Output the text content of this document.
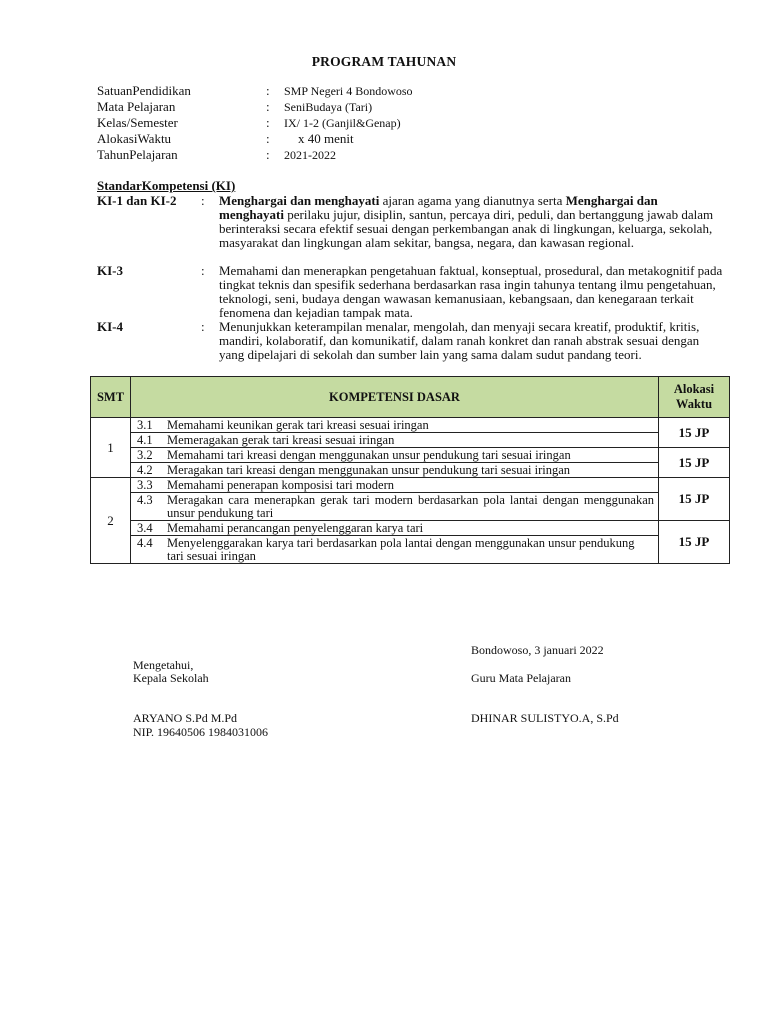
PROGRAM TAHUNAN
SatuanPendidikan	: SMP Negeri 4 Bondowoso
Mata Pelajaran	: SeniBudaya (Tari)
Kelas/Semester	: IX/ 1-2 (Ganjil&Genap)
AlokasiWaktu	: x 40 menit
TahunPelajaran	: 2021-2022
StandarKompetensi (KI)
KI-1 dan KI-2 : Menghargai dan menghayati ajaran agama yang dianutnya serta Menghargai dan menghayati perilaku jujur, disiplin, santun, percaya diri, peduli, dan bertanggung jawab dalam berinteraksi secara efektif sesuai dengan perkembangan anak di lingkungan, keluarga, sekolah, masyarakat dan lingkungan alam sekitar, bangsa, negara, dan kawasan regional.
KI-3	: Memahami dan menerapkan pengetahuan faktual, konseptual, prosedural, dan metakognitif pada tingkat teknis dan spesifik sederhana berdasarkan rasa ingin tahunya tentang ilmu pengetahuan, teknologi, seni, budaya dengan wawasan kemanusiaan, kebangsaan, dan kenegaraan terkait fenomena dan kejadian tampak mata.
KI-4	: Menunjukkan keterampilan menalar, mengolah, dan menyaji secara kreatif, produktif, kritis, mandiri, kolaboratif, dan komunikatif, dalam ranah konkret dan ranah abstrak sesuai dengan yang dipelajari di sekolah dan sumber lain yang sama dalam sudut pandang teori.
SMT	KOMPETENSI DASAR	Alokasi Waktu
1	3.1 Memahami keunikan gerak tari kreasi sesuai iringan	15 JP

	4.1 Memeragakan gerak tari kreasi sesuai iringan	

	3.2 Memahami tari kreasi dengan menggunakan unsur pendukung tari sesuai iringan	15 JP

	4.2 Meragakan tari kreasi dengan menggunakan unsur pendukung tari sesuai iringan	

2	3.3 Memahami penerapan komposisi tari modern	15 JP

	4.3 Meragakan cara menerapkan gerak tari modern berdasarkan pola lantai dengan menggunakan unsur pendukung tari	

	3.4 Memahami perancangan penyelenggaran karya tari	15 JP

	4.4 Menyelenggarakan karya tari berdasarkan pola lantai dengan menggunakan unsur pendukung tari sesuai iringan	
Bondowoso, 3 januari 2022
Mengetahui,
Kepala Sekolah	Guru Mata Pelajaran
ARYANO S.Pd M.Pd
NIP. 19640506 1984031006
DHINAR SULISTYO.A, S.Pd
